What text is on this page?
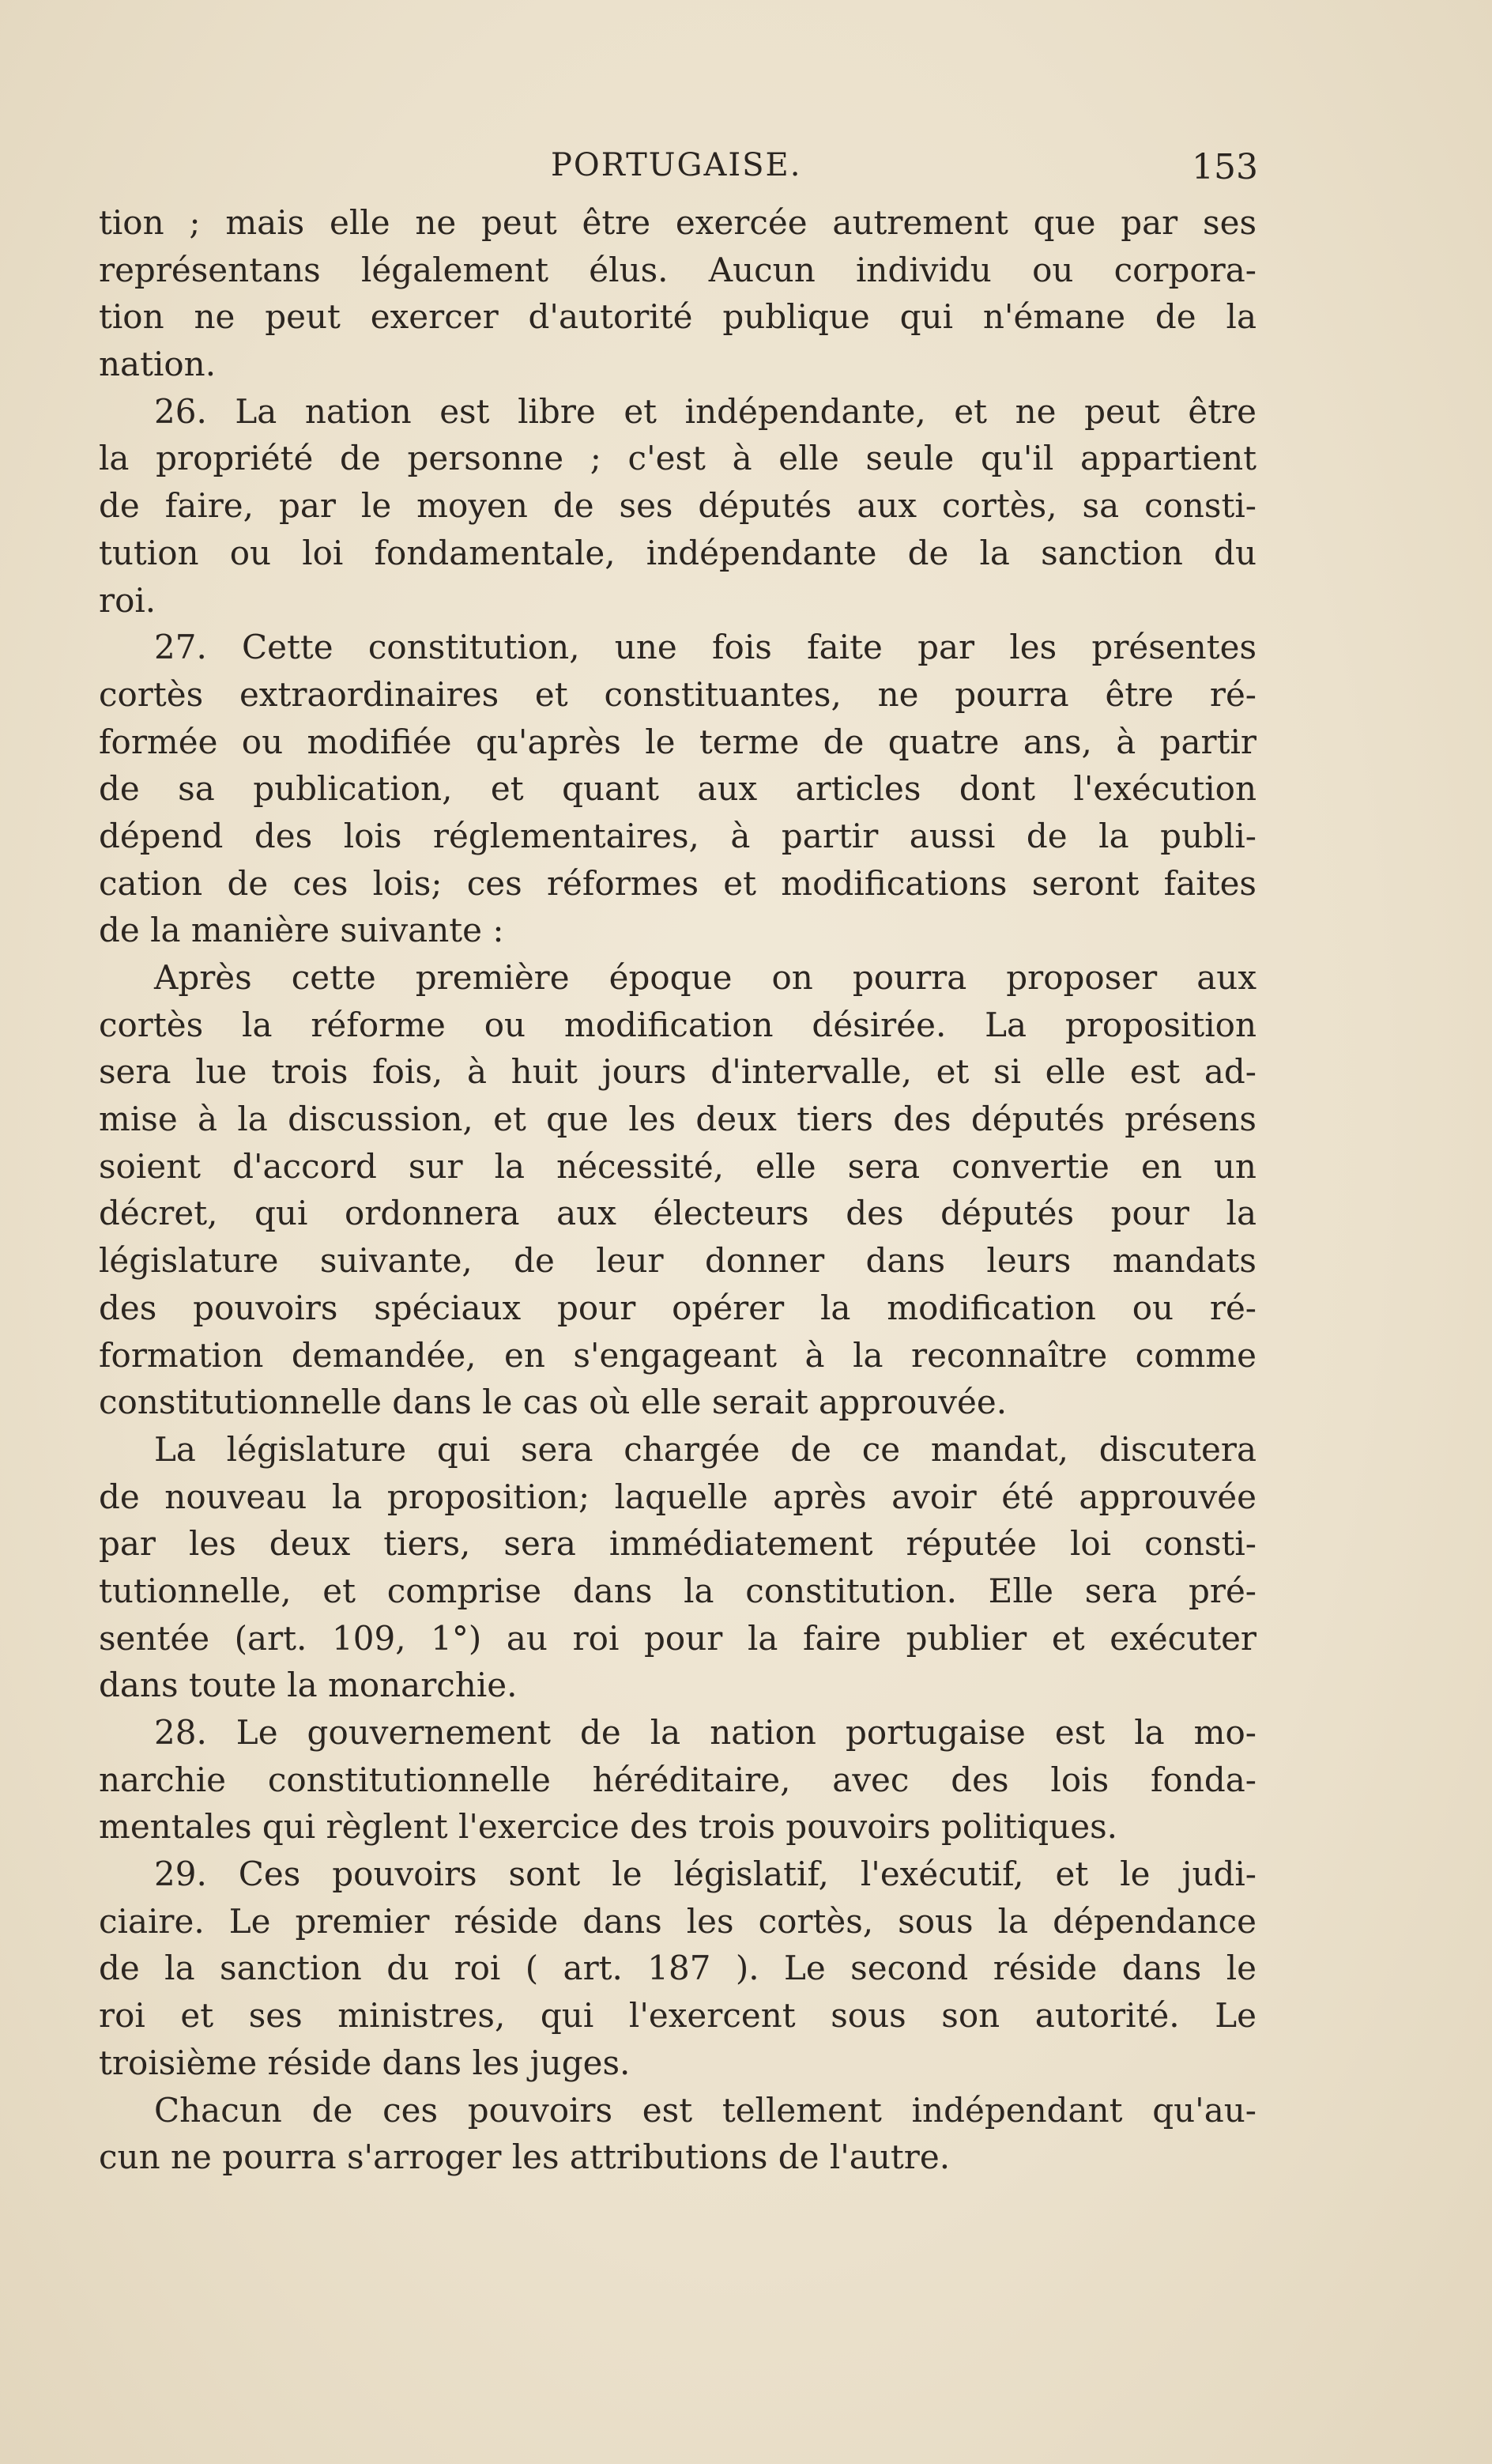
PORTUGAISE.	153
tion ; mais elle ne peut être exercée autrement que par ses
représentans légalement élus. Aucun individu ou corpora-
tion ne peut exercer d'autorité publique qui n'émane de la
nation.
26. La nation est libre et indépendante, et ne peut être
la propriété de personne ; c'est à elle seule qu'il appartient
de faire, par le moyen de ses députés aux cortès, sa consti-
tution ou loi fondamentale, indépendante de la sanction du
roi.
27. Cette constitution, une fois faite par les présentes
cortès extraordinaires et constituantes, ne pourra être ré-
formée ou modifiée qu'après le terme de quatre ans, à partir
de sa publication, et quant aux articles dont l'exécution
dépend des lois réglementaires, à partir aussi de la publi-
cation de ces lois; ces réformes et modifications seront faites
de la manière suivante :
Après cette première époque on pourra proposer aux
cortès la réforme ou modification désirée. La proposition
sera lue trois fois, à huit jours d'intervalle, et si elle est ad-
mise à la discussion, et que les deux tiers des députés présens
soient d'accord sur la nécessité, elle sera convertie en un
décret, qui ordonnera aux électeurs des députés pour la
législature suivante, de leur donner dans leurs mandats
des pouvoirs spéciaux pour opérer la modification ou ré-
formation demandée, en s'engageant à la reconnaître comme
constitutionnelle dans le cas où elle serait approuvée.
La législature qui sera chargée de ce mandat, discutera
de nouveau la proposition; laquelle après avoir été approuvée
par les deux tiers, sera immédiatement réputée loi consti-
tutionnelle, et comprise dans la constitution. Elle sera pré-
sentée (art. 109, 1°) au roi pour la faire publier et exécuter
dans toute la monarchie.
28. Le gouvernement de la nation portugaise est la mo-
narchie constitutionnelle héréditaire, avec des lois fonda-
mentales qui règlent l'exercice des trois pouvoirs politiques.
29. Ces pouvoirs sont le législatif, l'exécutif, et le judi-
ciaire. Le premier réside dans les cortès, sous la dépendance
de la sanction du roi ( art. 187 ). Le second réside dans le
roi et ses ministres, qui l'exercent sous son autorité. Le
troisième réside dans les juges.
Chacun de ces pouvoirs est tellement indépendant qu'au-
cun ne pourra s'arroger les attributions de l'autre.
